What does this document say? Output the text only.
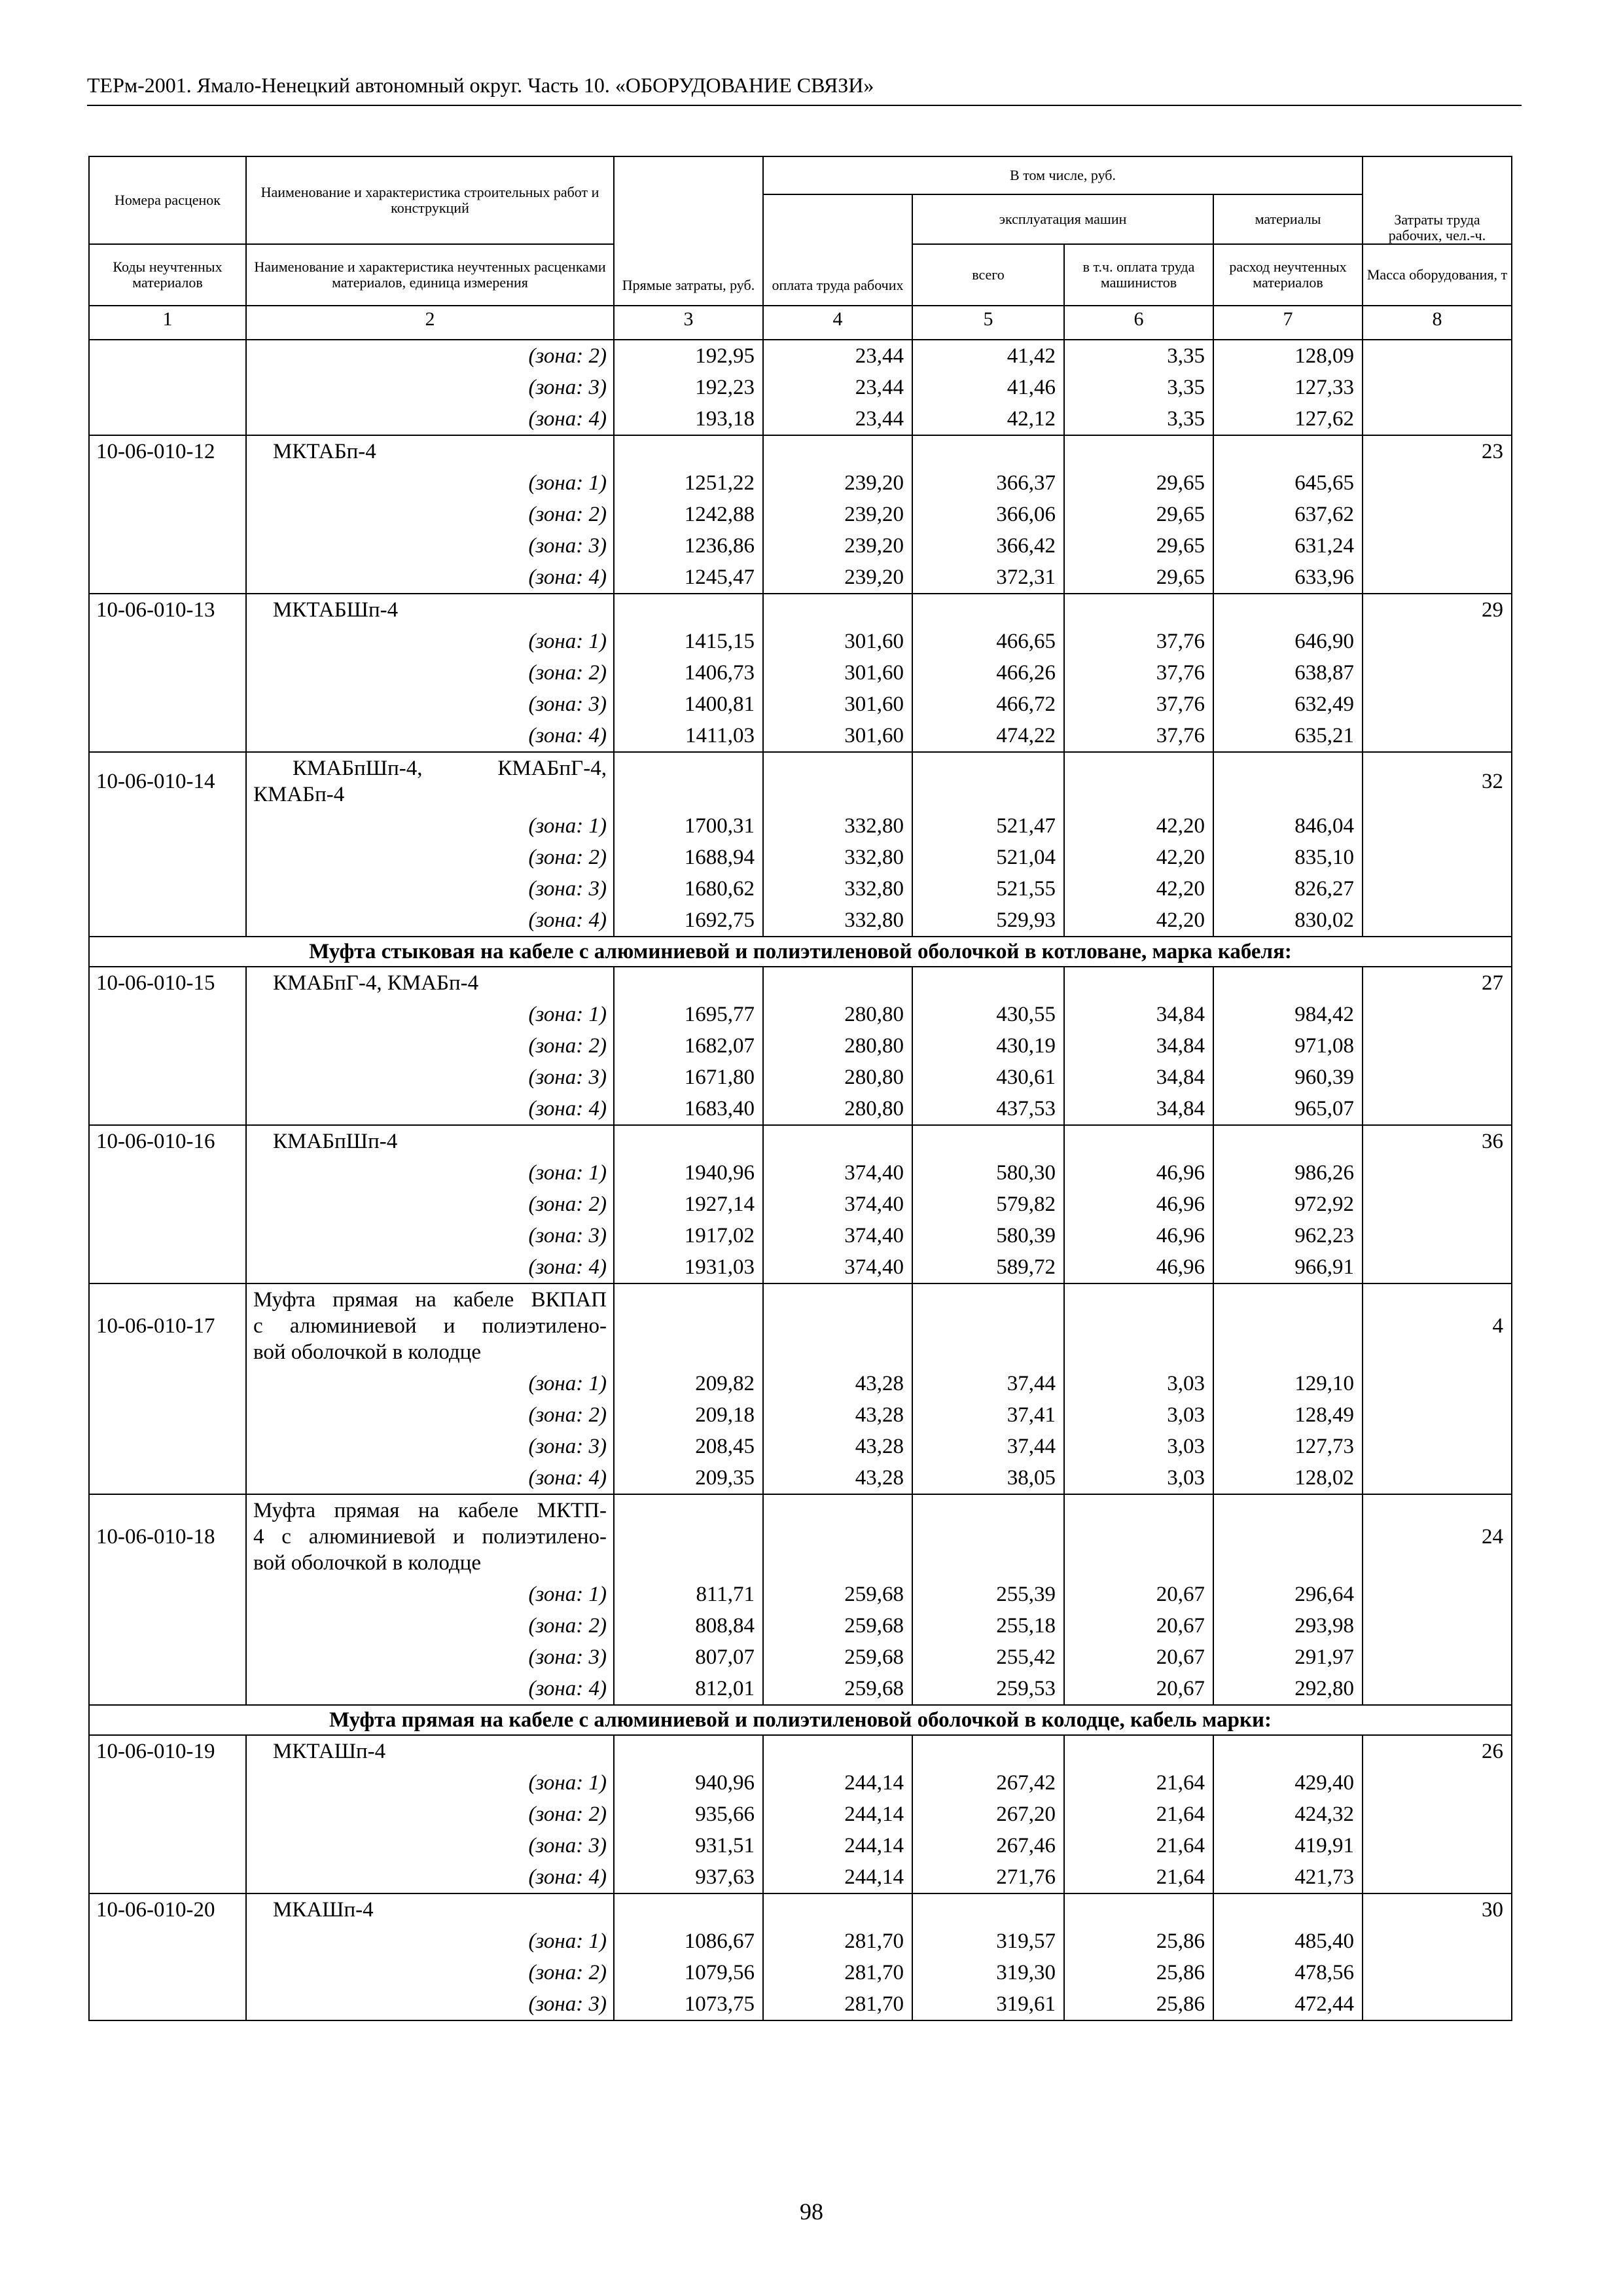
ТЕРм-2001. Ямало-Ненецкий автономный округ. Часть 10. «ОБОРУДОВАНИЕ СВЯЗИ»
Номера расценок	Наименование и характеристика строительных работ и конструкций	Прямые затраты, руб.	В том числе, руб.				Затраты труда рабочих, чел.-ч.
			оплата труда рабочих	эксплуатация машин		материалы	
Коды неучтенных материалов	Наименование и характеристика неучтенных расценками материалов, единица измерения			всего	в т.ч. оплата труда машинистов	расход неучтенных материалов	Масса оборудования, т

1	2	3	4	5	6	7	8
	(зона: 2)	192,95	23,44	41,42	3,35	128,09	
	(зона: 3)	192,23	23,44	41,46	3,35	127,33	
	(зона: 4)	193,18	23,44	42,12	3,35	127,62	
10-06-010-12	МКТАБп-4						23
	(зона: 1)	1251,22	239,20	366,37	29,65	645,65	
	(зона: 2)	1242,88	239,20	366,06	29,65	637,62	
	(зона: 3)	1236,86	239,20	366,42	29,65	631,24	
	(зона: 4)	1245,47	239,20	372,31	29,65	633,96	
10-06-010-13	МКТАБШп-4						29
	(зона: 1)	1415,15	301,60	466,65	37,76	646,90	
	(зона: 2)	1406,73	301,60	466,26	37,76	638,87	
	(зона: 3)	1400,81	301,60	466,72	37,76	632,49	
	(зона: 4)	1411,03	301,60	474,22	37,76	635,21	
10-06-010-14	КМАБпШп-4, КМАБпГ-4,
КМАБп-4						32
	(зона: 1)	1700,31	332,80	521,47	42,20	846,04	
	(зона: 2)	1688,94	332,80	521,04	42,20	835,10	
	(зона: 3)	1680,62	332,80	521,55	42,20	826,27	
	(зона: 4)	1692,75	332,80	529,93	42,20	830,02	
Муфта стыковая на кабеле с алюминиевой и полиэтиленовой оболочкой в котловане, марка кабеля:							
10-06-010-15	КМАБпГ-4, КМАБп-4						27
	(зона: 1)	1695,77	280,80	430,55	34,84	984,42	
	(зона: 2)	1682,07	280,80	430,19	34,84	971,08	
	(зона: 3)	1671,80	280,80	430,61	34,84	960,39	
	(зона: 4)	1683,40	280,80	437,53	34,84	965,07	
10-06-010-16	КМАБпШп-4						36
	(зона: 1)	1940,96	374,40	580,30	46,96	986,26	
	(зона: 2)	1927,14	374,40	579,82	46,96	972,92	
	(зона: 3)	1917,02	374,40	580,39	46,96	962,23	
	(зона: 4)	1931,03	374,40	589,72	46,96	966,91	
10-06-010-17	Муфта прямая на кабеле ВКПАП
с алюминиевой и полиэтилено-
вой оболочкой в колодце						4
	(зона: 1)	209,82	43,28	37,44	3,03	129,10	
	(зона: 2)	209,18	43,28	37,41	3,03	128,49	
	(зона: 3)	208,45	43,28	37,44	3,03	127,73	
	(зона: 4)	209,35	43,28	38,05	3,03	128,02	
10-06-010-18	Муфта прямая на кабеле МКТП-
4 с алюминиевой и полиэтилено-
вой оболочкой в колодце						24
	(зона: 1)	811,71	259,68	255,39	20,67	296,64	
	(зона: 2)	808,84	259,68	255,18	20,67	293,98	
	(зона: 3)	807,07	259,68	255,42	20,67	291,97	
	(зона: 4)	812,01	259,68	259,53	20,67	292,80	
Муфта прямая на кабеле с алюминиевой и полиэтиленовой оболочкой в колодце, кабель марки:							
10-06-010-19	МКТАШп-4						26
	(зона: 1)	940,96	244,14	267,42	21,64	429,40	
	(зона: 2)	935,66	244,14	267,20	21,64	424,32	
	(зона: 3)	931,51	244,14	267,46	21,64	419,91	
	(зона: 4)	937,63	244,14	271,76	21,64	421,73	
10-06-010-20	МКАШп-4						30
	(зона: 1)	1086,67	281,70	319,57	25,86	485,40	
	(зона: 2)	1079,56	281,70	319,30	25,86	478,56	
	(зона: 3)	1073,75	281,70	319,61	25,86	472,44	
98
